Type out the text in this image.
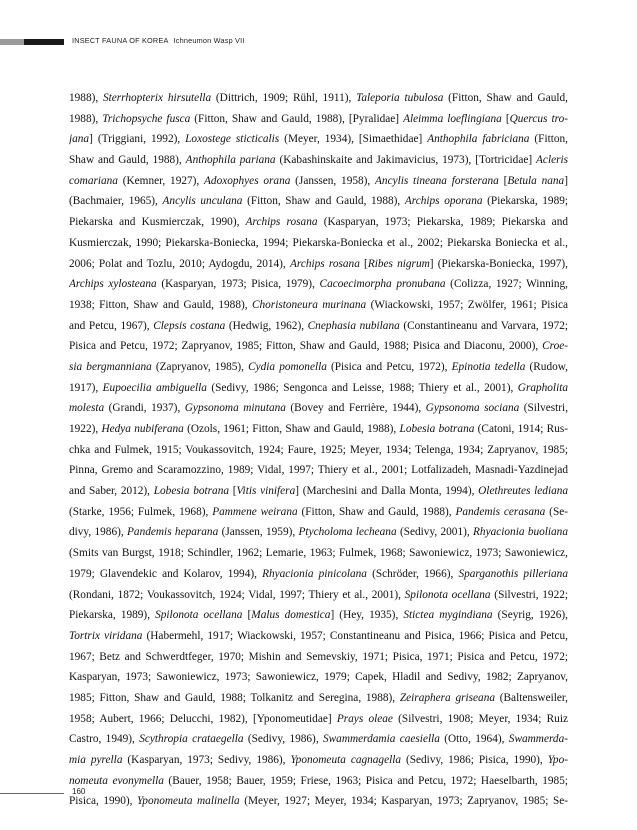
INSECT FAUNA OF KOREA Ichneumon Wasp VII
1988), Sterrhopterix hirsutella (Dittrich, 1909; Rühl, 1911), Taleporia tubulosa (Fitton, Shaw and Gauld,
1988), Trichopsyche fusca (Fitton, Shaw and Gauld, 1988), [Pyralidae] Aleimma loeflingiana [Quercus tro-
jana] (Triggiani, 1992), Loxostege sticticalis (Meyer, 1934), [Simaethidae] Anthophila fabriciana (Fitton,
Shaw and Gauld, 1988), Anthophila pariana (Kabashinskaite and Jakimavicius, 1973), [Tortricidae] Acleris
comariana (Kemner, 1927), Adoxophyes orana (Janssen, 1958), Ancylis tineana forsterana [Betula nana]
(Bachmaier, 1965), Ancylis unculana (Fitton, Shaw and Gauld, 1988), Archips oporana (Piekarska, 1989;
Piekarska and Kusmierczak, 1990), Archips rosana (Kasparyan, 1973; Piekarska, 1989; Piekarska and
Kusmierczak, 1990; Piekarska-Boniecka, 1994; Piekarska-Boniecka et al., 2002; Piekarska Boniecka et al.,
2006; Polat and Tozlu, 2010; Aydogdu, 2014), Archips rosana [Ribes nigrum] (Piekarska-Boniecka, 1997),
Archips xylosteana (Kasparyan, 1973; Pisica, 1979), Cacoecimorpha pronubana (Colizza, 1927; Winning,
1938; Fitton, Shaw and Gauld, 1988), Choristoneura murinana (Wiackowski, 1957; Zwölfer, 1961; Pisica
and Petcu, 1967), Clepsis costana (Hedwig, 1962), Cnephasia nubilana (Constantineanu and Varvara, 1972;
Pisica and Petcu, 1972; Zapryanov, 1985; Fitton, Shaw and Gauld, 1988; Pisica and Diaconu, 2000), Croe-
sia bergmanniana (Zapryanov, 1985), Cydia pomonella (Pisica and Petcu, 1972), Epinotia tedella (Rudow,
1917), Eupoecilia ambiguella (Sedivy, 1986; Sengonca and Leisse, 1988; Thiery et al., 2001), Grapholita
molesta (Grandi, 1937), Gypsonoma minutana (Bovey and Ferrière, 1944), Gypsonoma sociana (Silvestri,
1922), Hedya nubiferana (Ozols, 1961; Fitton, Shaw and Gauld, 1988), Lobesia botrana (Catoni, 1914; Rus-
chka and Fulmek, 1915; Voukassovitch, 1924; Faure, 1925; Meyer, 1934; Telenga, 1934; Zapryanov, 1985;
Pinna, Gremo and Scaramozzino, 1989; Vidal, 1997; Thiery et al., 2001; Lotfalizadeh, Masnadi-Yazdinejad
and Saber, 2012), Lobesia botrana [Vitis vinifera] (Marchesini and Dalla Monta, 1994), Olethreutes lediana
(Starke, 1956; Fulmek, 1968), Pammene weirana (Fitton, Shaw and Gauld, 1988), Pandemis cerasana (Se-
divy, 1986), Pandemis heparana (Janssen, 1959), Ptycholoma lecheana (Sedivy, 2001), Rhyacionia buoliana
(Smits van Burgst, 1918; Schindler, 1962; Lemarie, 1963; Fulmek, 1968; Sawoniewicz, 1973; Sawoniewicz,
1979; Glavendekic and Kolarov, 1994), Rhyacionia pinicolana (Schröder, 1966), Sparganothis pilleriana
(Rondani, 1872; Voukassovitch, 1924; Vidal, 1997; Thiery et al., 2001), Spilonota ocellana (Silvestri, 1922;
Piekarska, 1989), Spilonota ocellana [Malus domestica] (Hey, 1935), Stictea mygindiana (Seyrig, 1926),
Tortrix viridana (Habermehl, 1917; Wiackowski, 1957; Constantineanu and Pisica, 1966; Pisica and Petcu,
1967; Betz and Schwerdtfeger, 1970; Mishin and Semevskiy, 1971; Pisica, 1971; Pisica and Petcu, 1972;
Kasparyan, 1973; Sawoniewicz, 1973; Sawoniewicz, 1979; Capek, Hladil and Sedivy, 1982; Zapryanov,
1985; Fitton, Shaw and Gauld, 1988; Tolkanitz and Seregina, 1988), Zeiraphera griseana (Baltensweiler,
1958; Aubert, 1966; Delucchi, 1982), [Yponomeutidae] Prays oleae (Silvestri, 1908; Meyer, 1934; Ruiz
Castro, 1949), Scythropia crataegella (Sedivy, 1986), Swammerdamia caesiella (Otto, 1964), Swammerda-
mia pyrella (Kasparyan, 1973; Sedivy, 1986), Yponomeuta cagnagella (Sedivy, 1986; Pisica, 1990), Ypo-
nomeuta evonymella (Bauer, 1958; Bauer, 1959; Friese, 1963; Pisica and Petcu, 1972; Haeselbarth, 1985;
Pisica, 1990), Yponomeuta malinella (Meyer, 1927; Meyer, 1934; Kasparyan, 1973; Zapryanov, 1985; Se-
160
